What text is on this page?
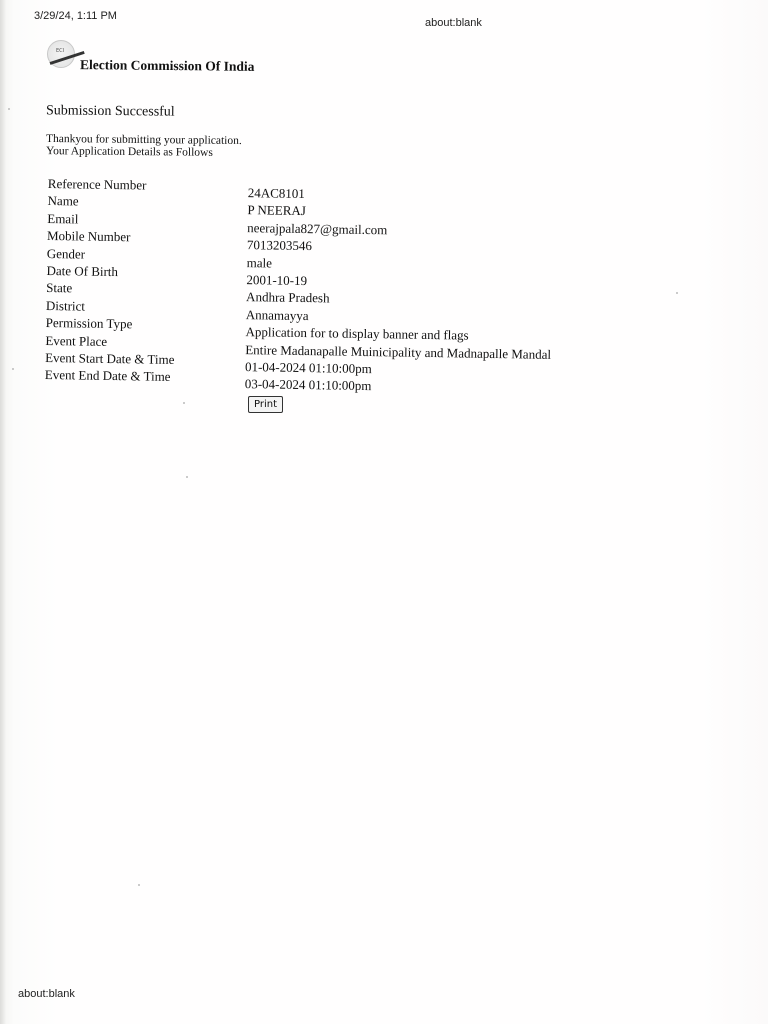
3/29/24, 1:11 PM
about:blank
ECI
Election Commission Of India
Submission Successful
Thankyou for submitting your application.
Your Application Details as Follows
Reference Number
24AC8101
Name
P NEERAJ
Email
neerajpala827@gmail.com
Mobile Number
7013203546
Gender
male
Date Of Birth
2001-10-19
State
Andhra Pradesh
District
Annamayya
Permission Type
Application for to display banner and flags
Event Place
Entire Madanapalle Muinicipality and Madnapalle Mandal
Event Start Date & Time
01-04-2024 01:10:00pm
Event End Date & Time
03-04-2024 01:10:00pm
Print
about:blank
